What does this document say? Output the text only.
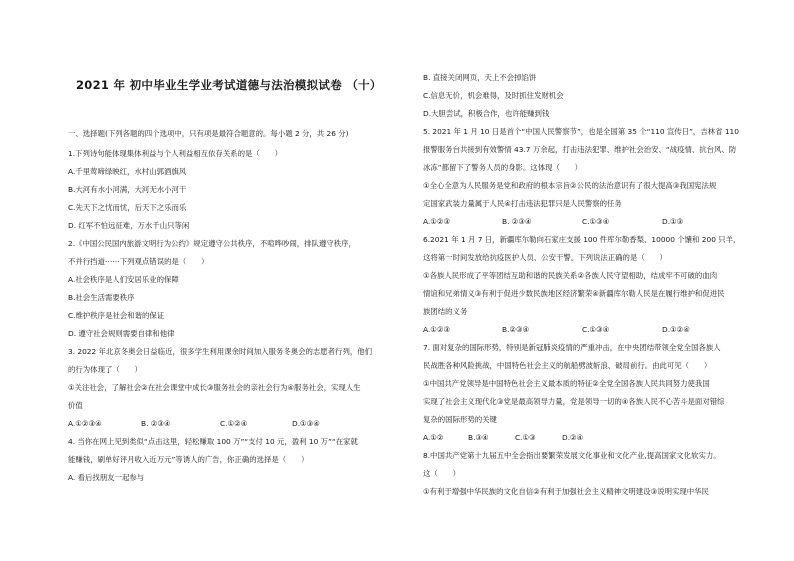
2021 年 初中毕业生学业考试道德与法治模拟试卷 （十）
一、选择题(下列各题的四个选项中，只有项是最符合题意的。每小题 2 分，共 26 分)
1.下列诗句能体现集体利益与个人利益相互依存关系的是（　　）
A.千里莺啼绿映红，水村山郭酒旗风
B.大河有水小河满，大河无水小河干
C.先天下之忧而忧，后天下之乐而乐
D. 红军不怕远征难，万水千山只等闲
2.《中国公民国内旅游文明行为公约》规定遵守公共秩序，不喧哗吵闹，排队遵守秩序，
不并行挡道⋯⋯下列观点错误的是（　　）
A.社会秩序是人们安居乐业的保障
B.社会生活需要秩序
C.维护秩序是社会和谐的保证
D. 遵守社会规则需要自律和他律
3. 2022 年北京冬奥会日益临近，很多学生利用课余时间加入服务冬奥会的志愿者行列，他们
的行为体现了（　　）
①关注社会，了解社会②在社会课堂中成长③服务社会的亲社会行为④服务社会，实现人生
价值
A.①②③④	B. ②③④	C.①②④	D.①③④
4. 当你在网上见到类似“点击这里，轻松赚取 100 万”“支付 10 元，盈利 10 万”“在家就
能赚钱，刷单好评月收入近万元”等诱人的广告，你正确的选择是（　　）
A. 看后找朋友一起参与
B. 直接关闭网页，天上不会掉馅饼
C.信息无价，机会难得，及时抓住发财机会
D.大胆尝试，积极合作，也许能赚到钱
5. 2021 年 1 月 10 日是首个“中国人民警察节”，也是全国第 35 个“110 宣传日”，吉林省 110
报警服务台共接到有效警情 43.7 万余起，打击违法犯罪、维护社会治安、“战疫情、抗台风、防
冰冻”都留下了警务人员的身影。这体现（　　）
①全心全意为人民服务是党和政府的根本宗旨②公民的法治意识有了很大提高③我国宪法规
定国家武装力量属于人民④打击违法犯罪只是人民警察的任务
A.①②③	B. ②③④	C.①③④	D.①③
6.2021 年 1 月 7 日，新疆库尔勒向石家庄支援 100 件库尔勒香梨、10000 个馕和 200 只羊，
这将第一时间发放给抗疫医护人员、公安干警。下列说法正确的是（　　）
①各族人民形成了平等团结互助和谐的民族关系②各族人民守望相助，结成牢不可破的血肉
情谊和兄弟情义③有利于促进少数民族地区经济繁荣④新疆库尔勒人民是在履行维护和促进民
族团结的义务
A.①②③	B.②③④	C.①③④	D.①②④
7. 面对复杂的国际形势，特别是新冠肺炎疫情的严重冲击，在中央团结带领全党全国各族人
民战胜各种风险挑战，中国特色社会主义的航船劈波斩浪、破局前行。由此可见（　　）
①中国共产党领导是中国特色社会主义最本质的特征②全党全国各族人民共同努力使我国
实现了社会主义现代化③党是最高领导力量，党是领导一切的④各族人民不心苦斗是面对错综
复杂的国际形势的关键
A.①②	B.③④	C.①③	D.②④
8.中国共产党第十九届五中全会指出要繁荣发展文化事业和文化产业,提高国家文化软实力。
这（　　）
①有利于增强中华民族的文化自信②有利于加强社会主义精神文明建设③说明实现中华民
